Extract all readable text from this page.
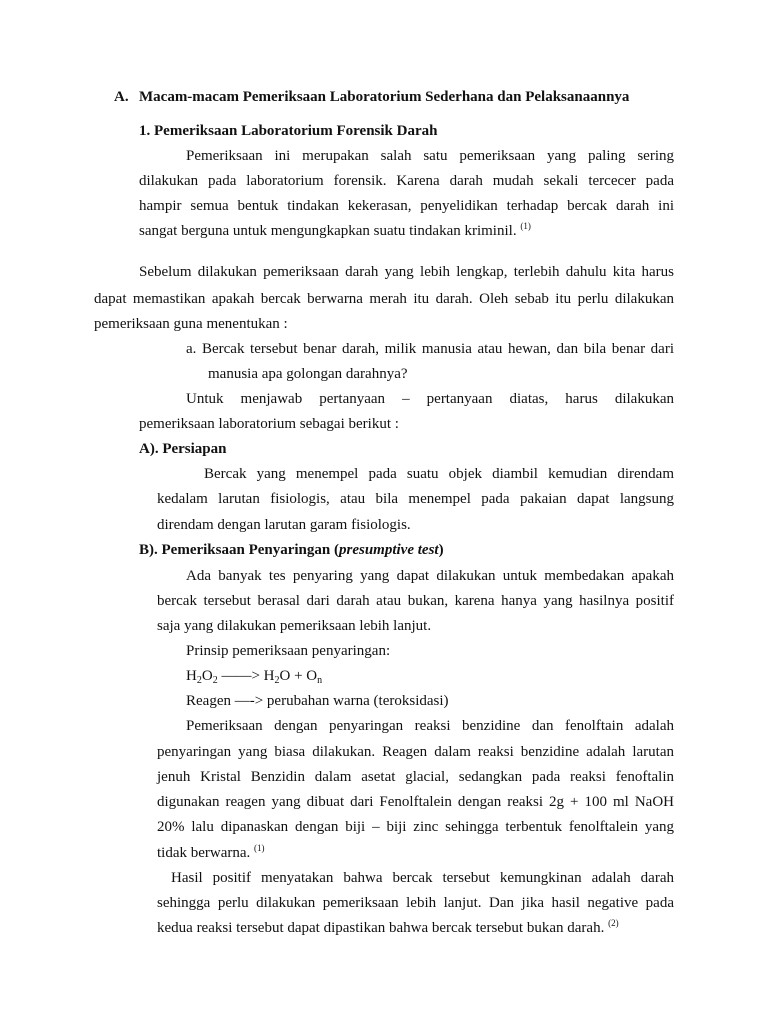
A. Macam-macam Pemeriksaan Laboratorium Sederhana dan Pelaksanaannya
1. Pemeriksaan Laboratorium Forensik Darah
Pemeriksaan ini merupakan salah satu pemeriksaan yang paling sering
dilakukan pada laboratorium forensik. Karena darah mudah sekali tercecer pada
hampir semua bentuk tindakan kekerasan, penyelidikan terhadap bercak darah ini
sangat berguna untuk mengungkapkan suatu tindakan kriminil. $^{(1)}$
Sebelum dilakukan pemeriksaan darah yang lebih lengkap, terlebih dahulu kita harus
dapat memastikan apakah bercak berwarna merah itu darah. Oleh sebab itu perlu dilakukan
pemeriksaan guna menentukan :
a. Bercak tersebut benar darah, milik manusia atau hewan, dan bila benar dari
manusia apa golongan darahnya?
Untuk menjawab pertanyaan – pertanyaan diatas, harus dilakukan
pemeriksaan laboratorium sebagai berikut :
A). Persiapan
Bercak yang menempel pada suatu objek diambil kemudian direndam
kedalam larutan fisiologis, atau bila menempel pada pakaian dapat langsung
direndam dengan larutan garam fisiologis.
B). Pemeriksaan Penyaringan (presumptive test)
Ada banyak tes penyaring yang dapat dilakukan untuk membedakan apakah
bercak tersebut berasal dari darah atau bukan, karena hanya yang hasilnya positif
saja yang dilakukan pemeriksaan lebih lanjut.
Prinsip pemeriksaan penyaringan:
$H_2O_2$ ——> $H_2O + O_n$
Reagen —-> perubahan warna (teroksidasi)
Pemeriksaan dengan penyaringan reaksi benzidine dan fenolftain adalah
penyaringan yang biasa dilakukan. Reagen dalam reaksi benzidine adalah larutan
jenuh Kristal Benzidin dalam asetat glacial, sedangkan pada reaksi fenoftalin
digunakan reagen yang dibuat dari Fenolftalein dengan reaksi 2g + 100 ml NaOH
20% lalu dipanaskan dengan biji – biji zinc sehingga terbentuk fenolftalein yang
tidak berwarna. $^{(1)}$
Hasil positif menyatakan bahwa bercak tersebut kemungkinan adalah darah
sehingga perlu dilakukan pemeriksaan lebih lanjut. Dan jika hasil negative pada
kedua reaksi tersebut dapat dipastikan bahwa bercak tersebut bukan darah. $^{(2)}$
